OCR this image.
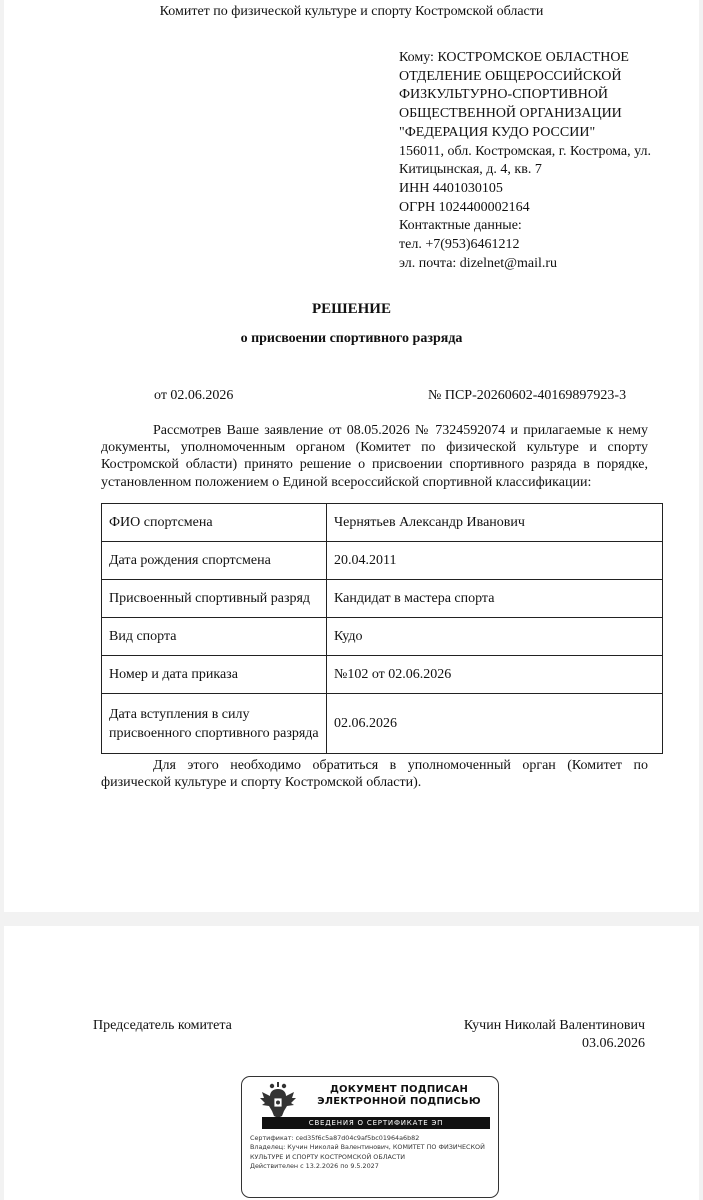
Комитет по физической культуре и спорту Костромской области
Кому: КОСТРОМСКОЕ ОБЛАСТНОЕ
ОТДЕЛЕНИЕ ОБЩЕРОССИЙСКОЙ
ФИЗКУЛЬТУРНО-СПОРТИВНОЙ
ОБЩЕСТВЕННОЙ ОРГАНИЗАЦИИ
"ФЕДЕРАЦИЯ КУДО РОССИИ"
156011, обл. Костромская, г. Кострома, ул.
Китицынская, д. 4, кв. 7
ИНН 4401030105
ОГРН 1024400002164
Контактные данные:
тел. +7(953)6461212
эл. почта: dizelnet@mail.ru
РЕШЕНИЕ
о присвоении спортивного разряда
от 02.06.2026	№ ПСР-20260602-40169897923-3
Рассмотрев Ваше заявление от 08.05.2026 № 7324592074 и прилагаемые к нему документы, уполномоченным органом (Комитет по физической культуре и спорту Костромской области) принято решение о присвоении спортивного разряда в порядке, установленном положением о Единой всероссийской спортивной классификации:
ФИО спортсмена	Чернятьев Александр Иванович
Дата рождения спортсмена	20.04.2011
Присвоенный спортивный разряд	Кандидат в мастера спорта
Вид спорта	Кудо
Номер и дата приказа	№102 от 02.06.2026
Дата вступления в силу присвоенного спортивного разряда	02.06.2026
Для этого необходимо обратиться в уполномоченный орган (Комитет по физической культуре и спорту Костромской области).
Председатель комитета	Кучин Николай Валентинович
03.06.2026
ДОКУМЕНТ ПОДПИСАН
ЭЛЕКТРОННОЙ ПОДПИСЬЮ
СВЕДЕНИЯ О СЕРТИФИКАТЕ ЭП
Сертификат: ced35f6c5a87d04c9af5bc01964a6b82
Владелец: Кучин Николай Валентинович, КОМИТЕТ ПО ФИЗИЧЕСКОЙ
КУЛЬТУРЕ И СПОРТУ КОСТРОМСКОЙ ОБЛАСТИ
Действителен с 13.2.2026 по 9.5.2027
